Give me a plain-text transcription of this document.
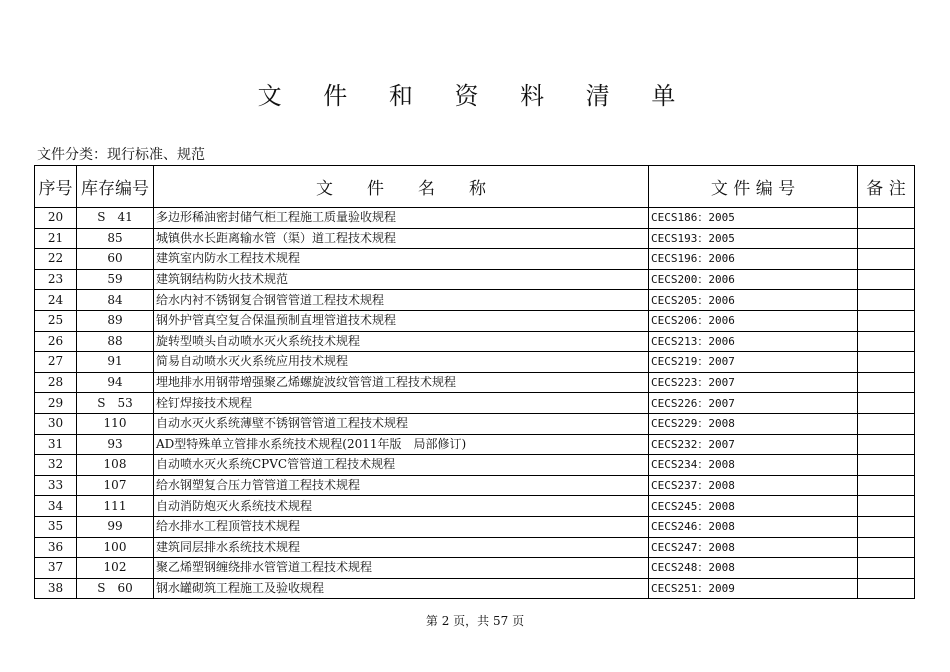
文 件 和 资 料 清 单
文件分类：现行标准、规范
序号	库存编号	文　　件　　名　　称	文 件 编 号	备 注
20	S　41	多边形稀油密封储气柜工程施工质量验收规程	CECS186：2005	
21	85	城镇供水长距离输水管（渠）道工程技术规程	CECS193：2005	
22	60	建筑室内防水工程技术规程	CECS196：2006	
23	59	建筑钢结构防火技术规范	CECS200：2006	
24	84	给水内衬不锈钢复合钢管管道工程技术规程	CECS205：2006	
25	89	钢外护管真空复合保温预制直埋管道技术规程	CECS206：2006	
26	88	旋转型喷头自动喷水灭火系统技术规程	CECS213：2006	
27	91	简易自动喷水灭火系统应用技术规程	CECS219：2007	
28	94	埋地排水用钢带增强聚乙烯螺旋波纹管管道工程技术规程	CECS223：2007	
29	S　53	栓钉焊接技术规程	CECS226：2007	
30	110	自动水灭火系统薄壁不锈钢管管道工程技术规程	CECS229：2008	
31	93	AD型特殊单立管排水系统技术规程(2011年版　局部修订)	CECS232：2007	
32	108	自动喷水灭火系统CPVC管管道工程技术规程	CECS234：2008	
33	107	给水钢塑复合压力管管道工程技术规程	CECS237：2008	
34	111	自动消防炮灭火系统技术规程	CECS245：2008	
35	99	给水排水工程顶管技术规程	CECS246：2008	
36	100	建筑同层排水系统技术规程	CECS247：2008	
37	102	聚乙烯塑钢缠绕排水管管道工程技术规程	CECS248：2008	
38	S　60	钢水罐砌筑工程施工及验收规程	CECS251：2009	
第 2 页，共 57 页
